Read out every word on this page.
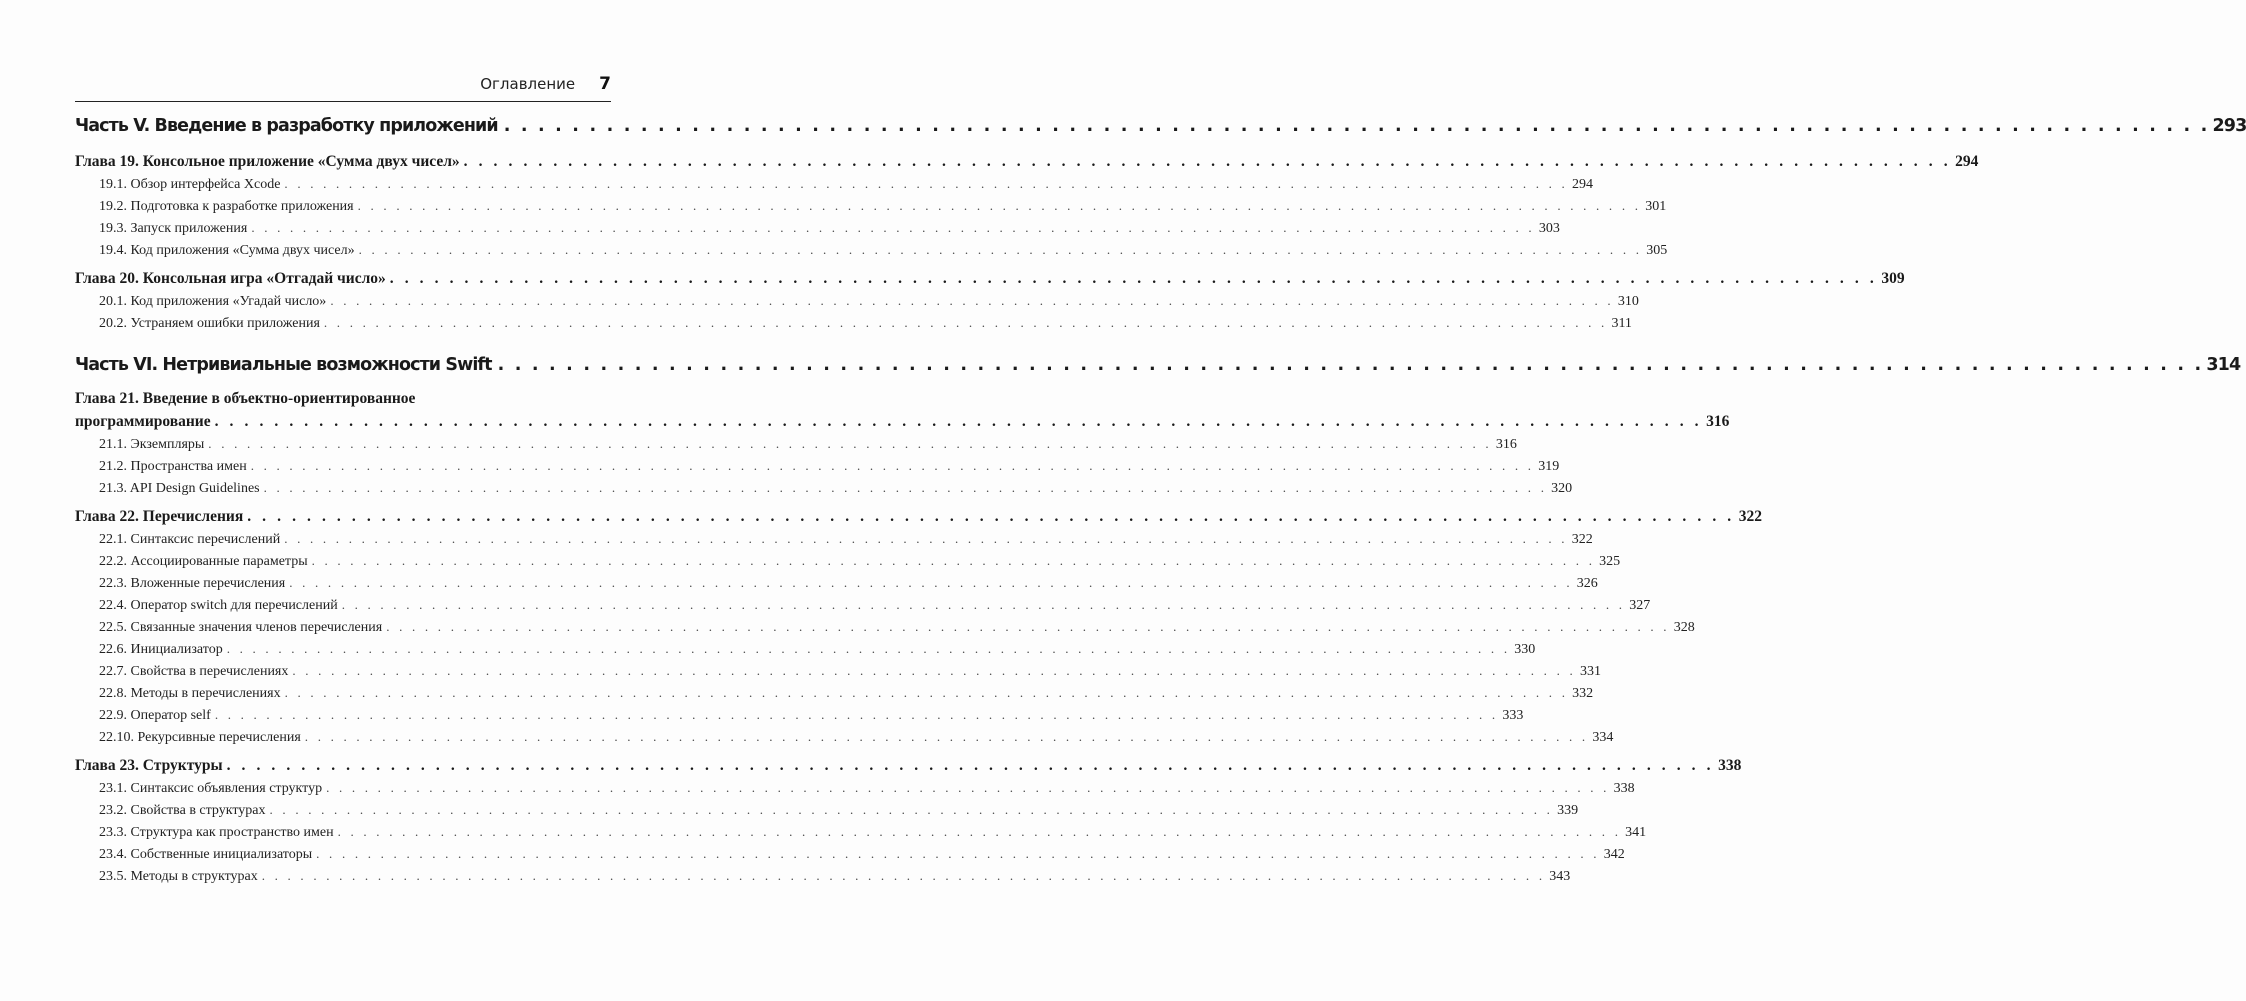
Оглавление 7
Часть V. Введение в разработку приложений . . . . . . . . . . . . . . . . . . . . . . . . . . . . . . . . . . . . . . . . . . . . . . . . . . . . . . . . . . . . . . . . . . . . . . . . . . . . . . . . . . . . . . . . . . . . . . . . . . . . 293
Глава 19. Консольное приложение «Сумма двух чисел» . . . . . . . . . . . . . . . . . . . . . . . . . . . . . . . . . . . . . . . . . . . . . . . . . . . . . . . . . . . . . . . . . . . . . . . . . . . . . . . . . . . . . . . . . . . . . . . . . . . . 294
19.1. Обзор интерфейса Xcode . . . . . . . . . . . . . . . . . . . . . . . . . . . . . . . . . . . . . . . . . . . . . . . . . . . . . . . . . . . . . . . . . . . . . . . . . . . . . . . . . . . . . . . . . . . . . . . . . . . . 294
19.2. Подготовка к разработке приложения . . . . . . . . . . . . . . . . . . . . . . . . . . . . . . . . . . . . . . . . . . . . . . . . . . . . . . . . . . . . . . . . . . . . . . . . . . . . . . . . . . . . . . . . . . . . . . . . . . . . 301
19.3. Запуск приложения . . . . . . . . . . . . . . . . . . . . . . . . . . . . . . . . . . . . . . . . . . . . . . . . . . . . . . . . . . . . . . . . . . . . . . . . . . . . . . . . . . . . . . . . . . . . . . . . . . . . 303
19.4. Код приложения «Сумма двух чисел» . . . . . . . . . . . . . . . . . . . . . . . . . . . . . . . . . . . . . . . . . . . . . . . . . . . . . . . . . . . . . . . . . . . . . . . . . . . . . . . . . . . . . . . . . . . . . . . . . . . . 305
Глава 20. Консольная игра «Отгадай число» . . . . . . . . . . . . . . . . . . . . . . . . . . . . . . . . . . . . . . . . . . . . . . . . . . . . . . . . . . . . . . . . . . . . . . . . . . . . . . . . . . . . . . . . . . . . . . . . . . . . 309
20.1. Код приложения «Угадай число» . . . . . . . . . . . . . . . . . . . . . . . . . . . . . . . . . . . . . . . . . . . . . . . . . . . . . . . . . . . . . . . . . . . . . . . . . . . . . . . . . . . . . . . . . . . . . . . . . . . . 310
20.2. Устраняем ошибки приложения . . . . . . . . . . . . . . . . . . . . . . . . . . . . . . . . . . . . . . . . . . . . . . . . . . . . . . . . . . . . . . . . . . . . . . . . . . . . . . . . . . . . . . . . . . . . . . . . . . . . 311
Часть VI. Нетривиальные возможности Swift . . . . . . . . . . . . . . . . . . . . . . . . . . . . . . . . . . . . . . . . . . . . . . . . . . . . . . . . . . . . . . . . . . . . . . . . . . . . . . . . . . . . . . . . . . . . . . . . . . . . 314
Глава 21. Введение в объектно-ориентированное
программирование . . . . . . . . . . . . . . . . . . . . . . . . . . . . . . . . . . . . . . . . . . . . . . . . . . . . . . . . . . . . . . . . . . . . . . . . . . . . . . . . . . . . . . . . . . . . . . . . . . . . 316
21.1. Экземпляры . . . . . . . . . . . . . . . . . . . . . . . . . . . . . . . . . . . . . . . . . . . . . . . . . . . . . . . . . . . . . . . . . . . . . . . . . . . . . . . . . . . . . . . . . . . . . . . . . . . . 316
21.2. Пространства имен . . . . . . . . . . . . . . . . . . . . . . . . . . . . . . . . . . . . . . . . . . . . . . . . . . . . . . . . . . . . . . . . . . . . . . . . . . . . . . . . . . . . . . . . . . . . . . . . . . . . 319
21.3. API Design Guidelines . . . . . . . . . . . . . . . . . . . . . . . . . . . . . . . . . . . . . . . . . . . . . . . . . . . . . . . . . . . . . . . . . . . . . . . . . . . . . . . . . . . . . . . . . . . . . . . . . . . . 320
Глава 22. Перечисления . . . . . . . . . . . . . . . . . . . . . . . . . . . . . . . . . . . . . . . . . . . . . . . . . . . . . . . . . . . . . . . . . . . . . . . . . . . . . . . . . . . . . . . . . . . . . . . . . . . . 322
22.1. Синтаксис перечислений . . . . . . . . . . . . . . . . . . . . . . . . . . . . . . . . . . . . . . . . . . . . . . . . . . . . . . . . . . . . . . . . . . . . . . . . . . . . . . . . . . . . . . . . . . . . . . . . . . . . 322
22.2. Ассоциированные параметры . . . . . . . . . . . . . . . . . . . . . . . . . . . . . . . . . . . . . . . . . . . . . . . . . . . . . . . . . . . . . . . . . . . . . . . . . . . . . . . . . . . . . . . . . . . . . . . . . . . . 325
22.3. Вложенные перечисления . . . . . . . . . . . . . . . . . . . . . . . . . . . . . . . . . . . . . . . . . . . . . . . . . . . . . . . . . . . . . . . . . . . . . . . . . . . . . . . . . . . . . . . . . . . . . . . . . . . . 326
22.4. Оператор switch для перечислений . . . . . . . . . . . . . . . . . . . . . . . . . . . . . . . . . . . . . . . . . . . . . . . . . . . . . . . . . . . . . . . . . . . . . . . . . . . . . . . . . . . . . . . . . . . . . . . . . . . . 327
22.5. Связанные значения членов перечисления . . . . . . . . . . . . . . . . . . . . . . . . . . . . . . . . . . . . . . . . . . . . . . . . . . . . . . . . . . . . . . . . . . . . . . . . . . . . . . . . . . . . . . . . . . . . . . . . . . . . 328
22.6. Инициализатор . . . . . . . . . . . . . . . . . . . . . . . . . . . . . . . . . . . . . . . . . . . . . . . . . . . . . . . . . . . . . . . . . . . . . . . . . . . . . . . . . . . . . . . . . . . . . . . . . . . . 330
22.7. Свойства в перечислениях . . . . . . . . . . . . . . . . . . . . . . . . . . . . . . . . . . . . . . . . . . . . . . . . . . . . . . . . . . . . . . . . . . . . . . . . . . . . . . . . . . . . . . . . . . . . . . . . . . . . 331
22.8. Методы в перечислениях . . . . . . . . . . . . . . . . . . . . . . . . . . . . . . . . . . . . . . . . . . . . . . . . . . . . . . . . . . . . . . . . . . . . . . . . . . . . . . . . . . . . . . . . . . . . . . . . . . . . 332
22.9. Оператор self . . . . . . . . . . . . . . . . . . . . . . . . . . . . . . . . . . . . . . . . . . . . . . . . . . . . . . . . . . . . . . . . . . . . . . . . . . . . . . . . . . . . . . . . . . . . . . . . . . . . 333
22.10. Рекурсивные перечисления . . . . . . . . . . . . . . . . . . . . . . . . . . . . . . . . . . . . . . . . . . . . . . . . . . . . . . . . . . . . . . . . . . . . . . . . . . . . . . . . . . . . . . . . . . . . . . . . . . . . 334
Глава 23. Структуры . . . . . . . . . . . . . . . . . . . . . . . . . . . . . . . . . . . . . . . . . . . . . . . . . . . . . . . . . . . . . . . . . . . . . . . . . . . . . . . . . . . . . . . . . . . . . . . . . . . . 338
23.1. Синтаксис объявления структур . . . . . . . . . . . . . . . . . . . . . . . . . . . . . . . . . . . . . . . . . . . . . . . . . . . . . . . . . . . . . . . . . . . . . . . . . . . . . . . . . . . . . . . . . . . . . . . . . . . . 338
23.2. Свойства в структурах . . . . . . . . . . . . . . . . . . . . . . . . . . . . . . . . . . . . . . . . . . . . . . . . . . . . . . . . . . . . . . . . . . . . . . . . . . . . . . . . . . . . . . . . . . . . . . . . . . . . 339
23.3. Структура как пространство имен . . . . . . . . . . . . . . . . . . . . . . . . . . . . . . . . . . . . . . . . . . . . . . . . . . . . . . . . . . . . . . . . . . . . . . . . . . . . . . . . . . . . . . . . . . . . . . . . . . . . 341
23.4. Собственные инициализаторы . . . . . . . . . . . . . . . . . . . . . . . . . . . . . . . . . . . . . . . . . . . . . . . . . . . . . . . . . . . . . . . . . . . . . . . . . . . . . . . . . . . . . . . . . . . . . . . . . . . . 342
23.5. Методы в структурах . . . . . . . . . . . . . . . . . . . . . . . . . . . . . . . . . . . . . . . . . . . . . . . . . . . . . . . . . . . . . . . . . . . . . . . . . . . . . . . . . . . . . . . . . . . . . . . . . . . . 343
